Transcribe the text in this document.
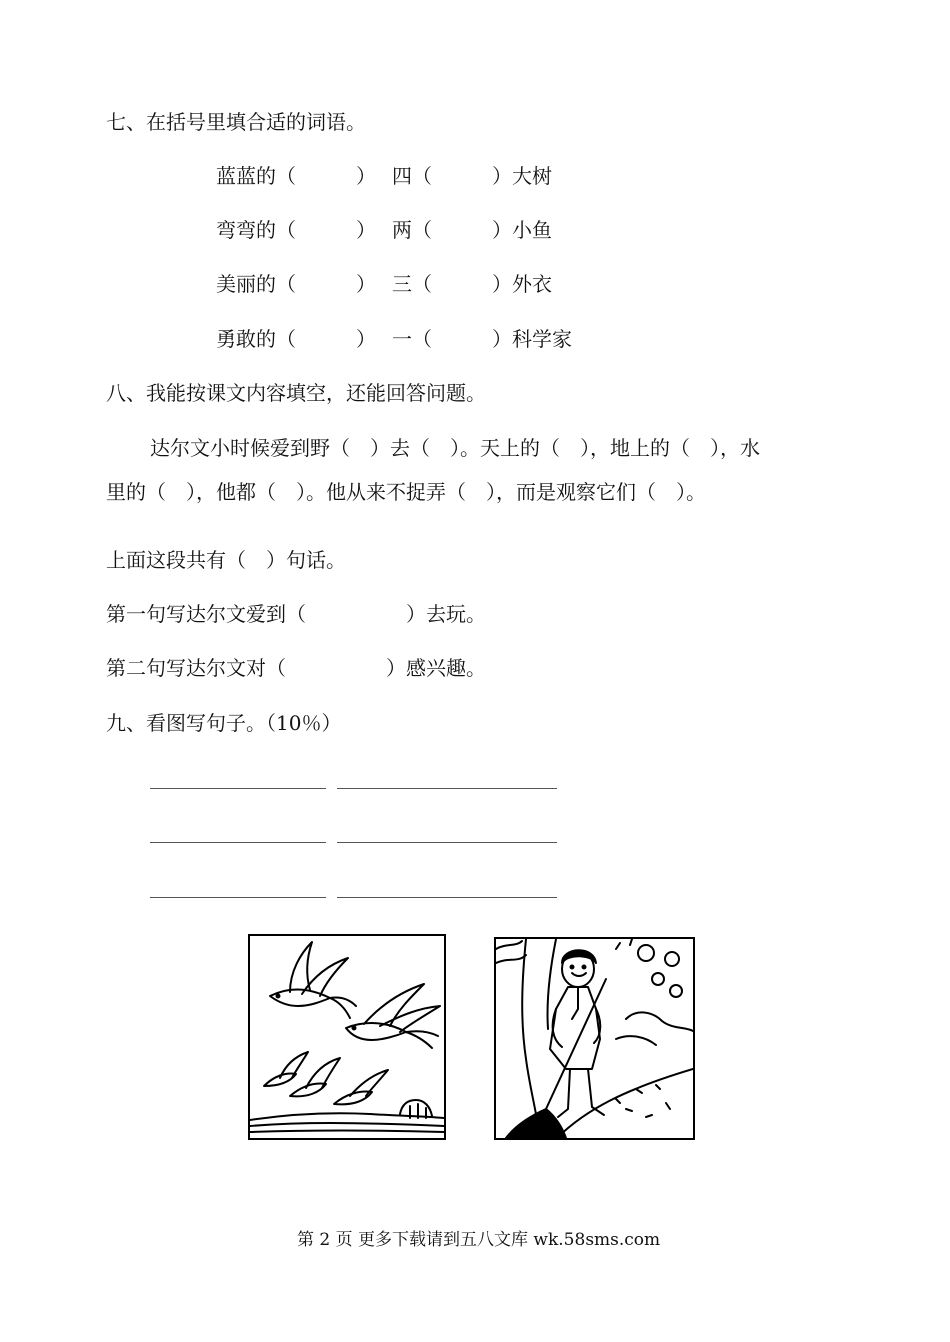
七、在括号里填合适的词语。
蓝蓝的（　　　） 四（　　　）大树
弯弯的（　　　） 两（　　　）小鱼
美丽的（　　　） 三（　　　）外衣
勇敢的（　　　） 一（　　　）科学家
八、我能按课文内容填空，还能回答问题。
达尔文小时候爱到野（　）去（　）。天上的（　），地上的（　），水
里的（　），他都（　）。他从来不捉弄（　），而是观察它们（　）。
上面这段共有（　）句话。
第一句写达尔文爱到（　　　　　）去玩。
第二句写达尔文对（　　　　　）感兴趣。
九、看图写句子。（10％）
第 2 页 更多下载请到五八文库 wk.58sms.com
